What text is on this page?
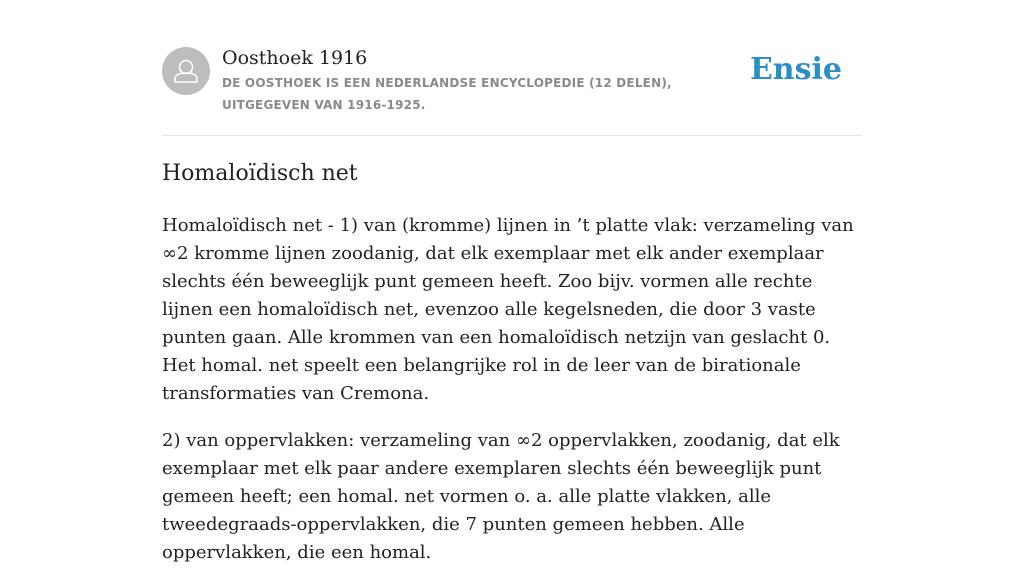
Oosthoek 1916
DE OOSTHOEK IS EEN NEDERLANDSE ENCYCLOPEDIE (12 DELEN), UITGEGEVEN VAN 1916-1925.
Ensie
Homaloïdisch net

Homaloïdisch net - 1) van (kromme) lijnen in ’t platte vlak: verzameling van ∞2 kromme lijnen zoodanig, dat elk exemplaar met elk ander exemplaar slechts één beweeglijk punt gemeen heeft. Zoo bijv. vormen alle rechte lijnen een homaloïdisch net, evenzoo alle kegelsneden, die door 3 vaste punten gaan. Alle krommen van een homaloïdisch netzijn van geslacht 0. Het homal. net speelt een belangrijke rol in de leer van de birationale transformaties van Cremona.

2) van oppervlakken: verzameling van ∞2 oppervlakken, zoodanig, dat elk exemplaar met elk paar andere exemplaren slechts één beweeglijk punt gemeen heeft; een homal. net vormen o. a. alle platte vlakken, alle tweedegraads-oppervlakken, die 7 punten gemeen hebben. Alle oppervlakken, die een homal.
